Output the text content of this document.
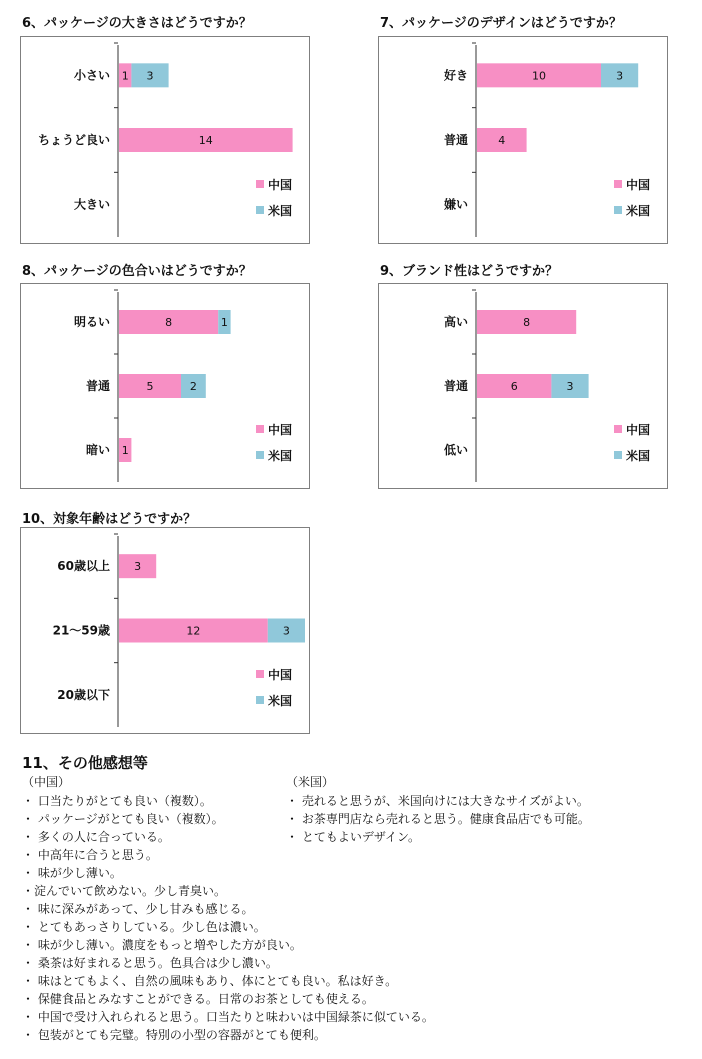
6、パッケージの大きさはどうですか？
小さい 1 3
ちょうど良い	14
大きい
中国
米国
7、パッケージのデザインはどうですか？
好き	10	3
普通	4
嫌い
中国
米国
8、パッケージの色合いはどうですか？
明るい	8	1
普通	5	2
暗い 1
中国
米国
9、ブランド性はどうですか？
高い	8
普通	6	3
低い
中国
米国
10、対象年齢はどうですか？
60歳以上 3
21～59歳	12	3
20歳以下
中国
米国
11、その他感想等
（中国）	（米国）
・ 口当たりがとても良い（複数）。
・ パッケージがとても良い（複数）。
・ 多くの人に合っている。
・ 中高年に合うと思う。
・ 味が少し薄い。
・淀んでいて飲めない。少し青臭い。
・ 味に深みがあって、少し甘みも感じる。
・ とてもあっさりしている。少し色は濃い。
・ 味が少し薄い。濃度をもっと増やした方が良い。
・ 桑茶は好まれると思う。色具合は少し濃い。
・ 味はとてもよく、自然の風味もあり、体にとても良い。私は好き。
・ 保健食品とみなすことができる。日常のお茶としても使える。
・ 中国で受け入れられると思う。口当たりと味わいは中国緑茶に似ている。
・ 包装がとても完璧。特別の小型の容器がとても便利。
・ 売れると思うが、米国向けには大きなサイズがよい。
・ お茶専門店なら売れると思う。健康食品店でも可能。
・ とてもよいデザイン。
